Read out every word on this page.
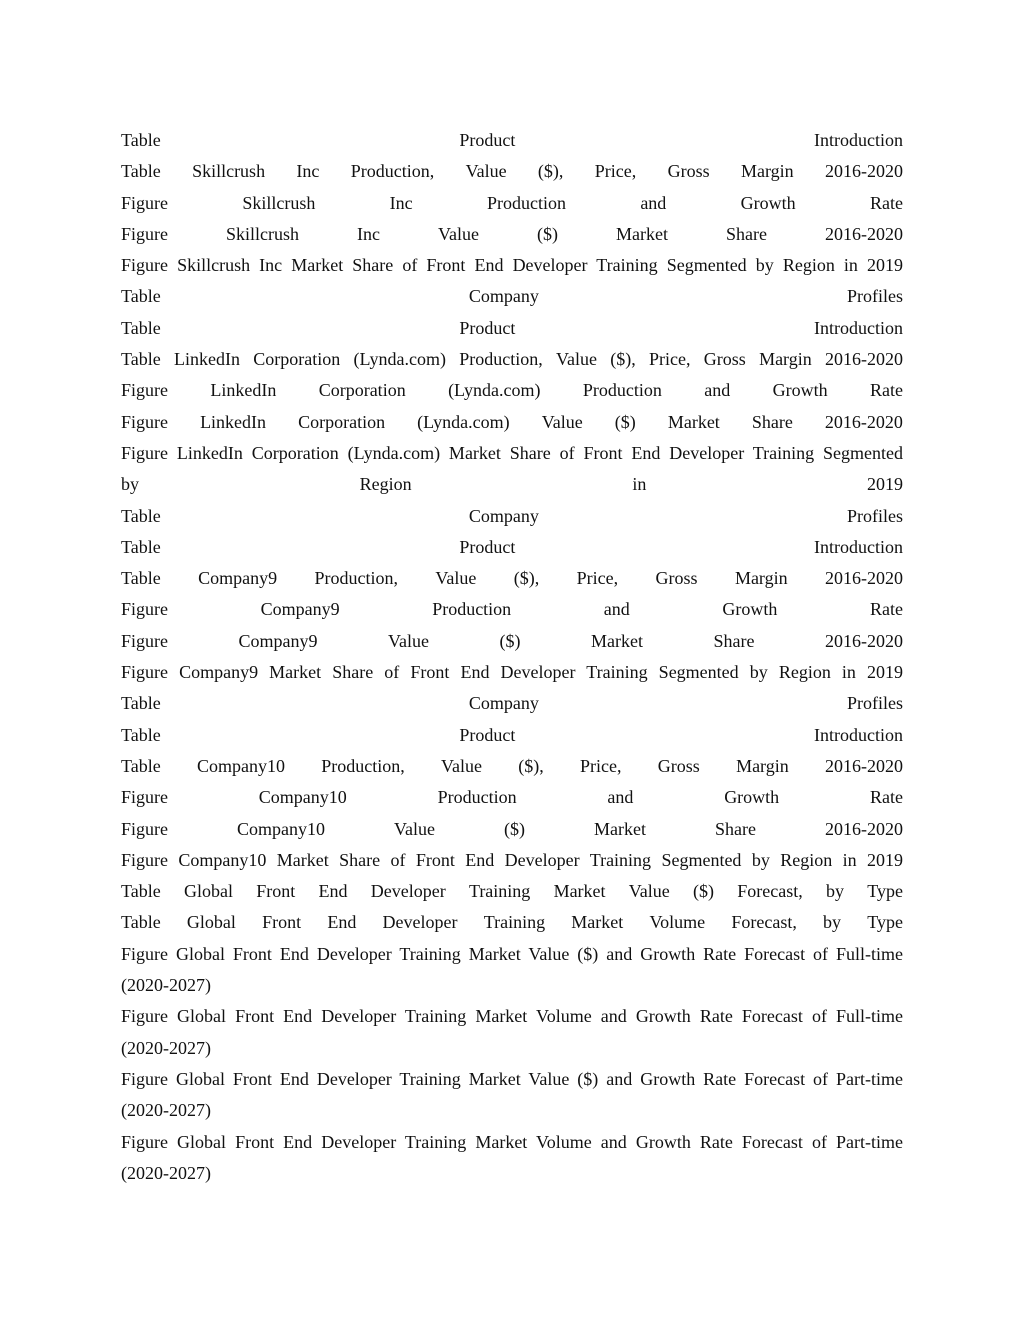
Table	Product	Introduction
Table Skillcrush Inc Production, Value ($), Price, Gross Margin 2016-2020
Figure	Skillcrush	Inc	Production	and	Growth	Rate
Figure	Skillcrush	Inc	Value	($)	Market	Share	2016-2020
Figure Skillcrush Inc Market Share of Front End Developer Training Segmented by Region in 2019
Table	Company	Profiles
Table	Product	Introduction
Table LinkedIn Corporation (Lynda.com) Production, Value ($), Price, Gross Margin 2016-2020
Figure LinkedIn Corporation (Lynda.com) Production and Growth Rate
Figure LinkedIn Corporation (Lynda.com) Value ($) Market Share 2016-2020
Figure LinkedIn Corporation (Lynda.com) Market Share of Front End Developer Training Segmented
by	Region	in	2019
Table	Company	Profiles
Table	Product	Introduction
Table Company9 Production, Value ($), Price, Gross Margin 2016-2020
Figure	Company9	Production	and	Growth	Rate
Figure	Company9	Value	($)	Market	Share	2016-2020
Figure Company9 Market Share of Front End Developer Training Segmented by Region in 2019
Table	Company	Profiles
Table	Product	Introduction
Table Company10 Production, Value ($), Price, Gross Margin 2016-2020
Figure	Company10	Production	and	Growth	Rate
Figure	Company10	Value	($)	Market	Share	2016-2020
Figure Company10 Market Share of Front End Developer Training Segmented by Region in 2019
Table Global Front End Developer Training Market Value ($) Forecast, by Type
Table Global Front End Developer Training Market Volume Forecast, by Type
Figure Global Front End Developer Training Market Value ($) and Growth Rate Forecast of Full-time
(2020-2027)
Figure Global Front End Developer Training Market Volume and Growth Rate Forecast of Full-time
(2020-2027)
Figure Global Front End Developer Training Market Value ($) and Growth Rate Forecast of Part-time
(2020-2027)
Figure Global Front End Developer Training Market Volume and Growth Rate Forecast of Part-time
(2020-2027)
